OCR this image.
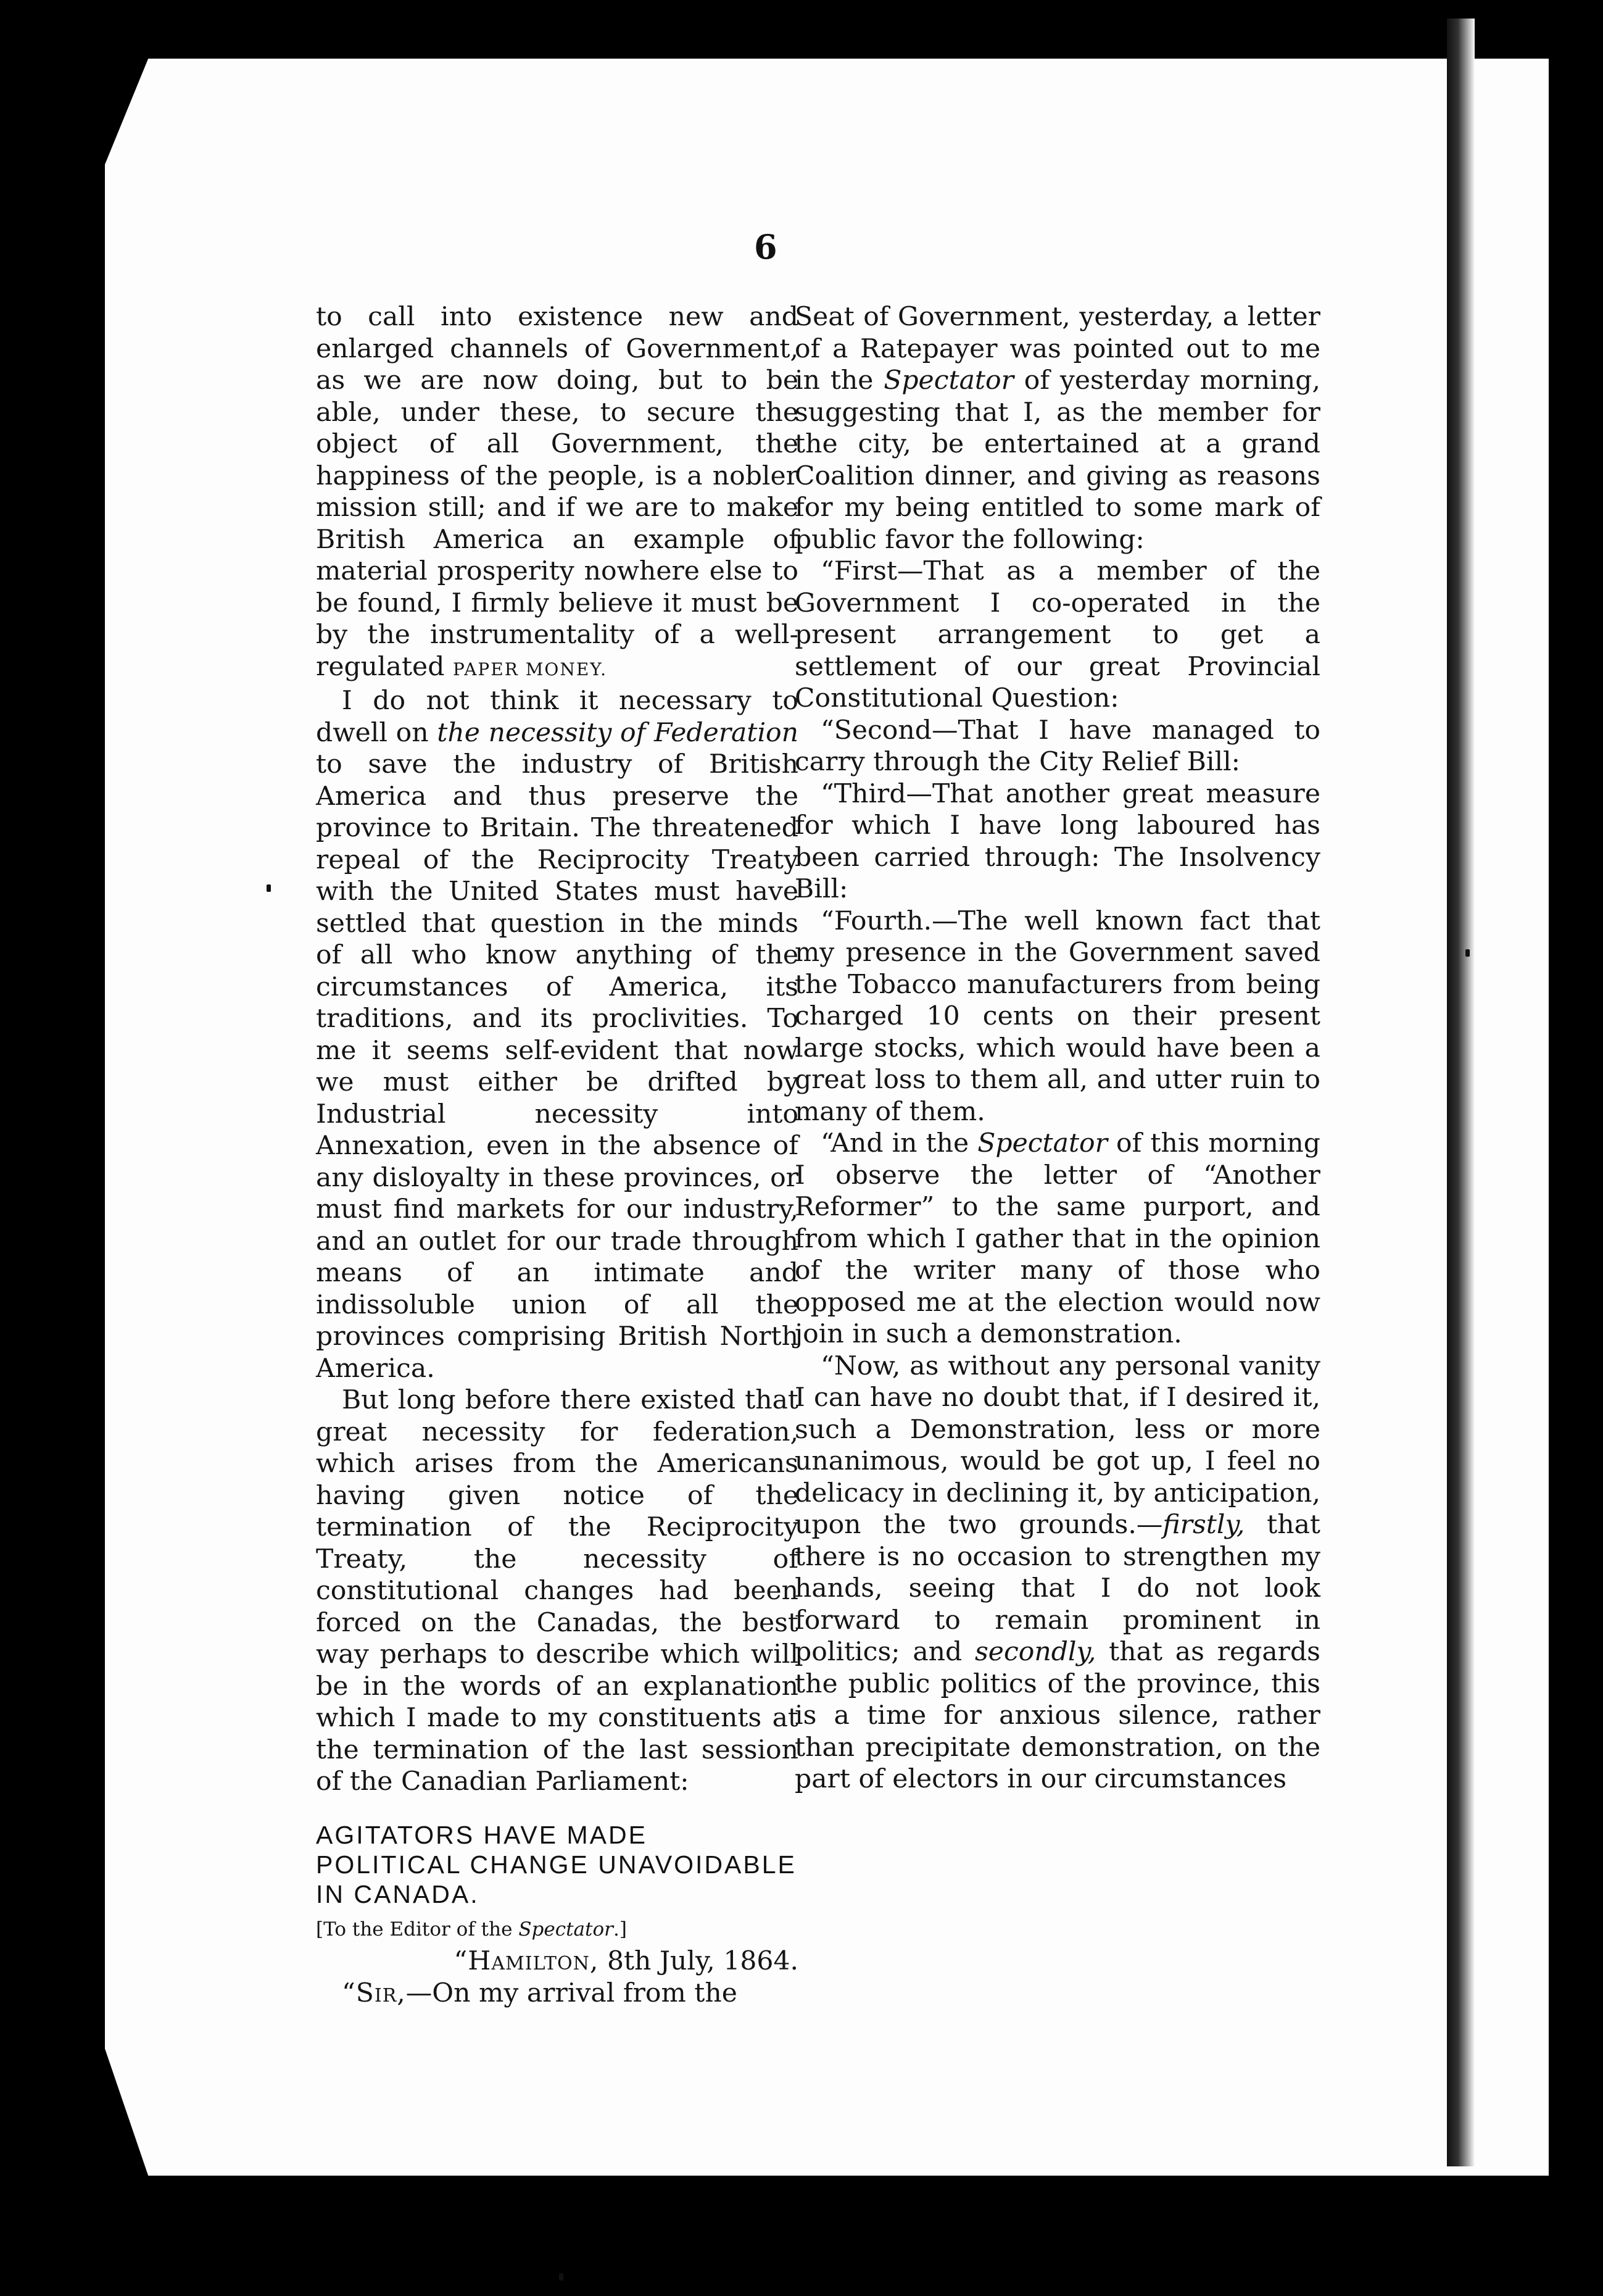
6

to call into existence new and enlarged channels of Government, as we are now doing, but to be able, under these, to secure the object of all Government, the happiness of the people, is a nobler mission still; and if we are to make British America an example of material prosperity nowhere else to be found, I firmly believe it must be by the instrumentality of a well-regulated PAPER MONEY.

I do not think it necessary to dwell on the necessity of Federation to save the industry of British America and thus preserve the province to Britain. The threatened repeal of the Reciprocity Treaty with the United States must have settled that question in the minds of all who know anything of the circumstances of America, its traditions, and its proclivities. To me it seems self-evident that now we must either be drifted by Industrial necessity into Annexation, even in the absence of any disloyalty in these provinces, or must find markets for our industry, and an outlet for our trade through means of an intimate and indissoluble union of all the provinces comprising British North America.

But long before there existed that great necessity for federation, which arises from the Americans having given notice of the termination of the Reciprocity Treaty, the necessity of constitutional changes had been forced on the Canadas, the best way perhaps to describe which will be in the words of an explanation which I made to my constituents at the termination of the last session of the Canadian Parliament:

AGITATORS HAVE MADE POLITICAL CHANGE UNAVOIDABLE IN CANADA.

[To the Editor of the Spectator.]

“Hamilton, 8th July, 1864.

“Sir,—On my arrival from the

Seat of Government, yesterday, a letter of a Ratepayer was pointed out to me in the Spectator of yesterday morning, suggesting that I, as the member for the city, be entertained at a grand Coalition dinner, and giving as reasons for my being entitled to some mark of public favor the following:

“First—That as a member of the Government I co-operated in the present arrangement to get a settlement of our great Provincial Constitutional Question:

“Second—That I have managed to carry through the City Relief Bill:

“Third—That another great measure for which I have long laboured has been carried through: The Insolvency Bill:

“Fourth.—The well known fact that my presence in the Government saved the Tobacco manufacturers from being charged 10 cents on their present large stocks, which would have been a great loss to them all, and utter ruin to many of them.

“And in the Spectator of this morning I observe the letter of “Another Reformer” to the same purport, and from which I gather that in the opinion of the writer many of those who opposed me at the election would now join in such a demonstration.

“Now, as without any personal vanity I can have no doubt that, if I desired it, such a Demonstration, less or more unanimous, would be got up, I feel no delicacy in declining it, by anticipation, upon the two grounds.—firstly, that there is no occasion to strengthen my hands, seeing that I do not look forward to remain prominent in politics; and secondly, that as regards the public politics of the province, this is a time for anxious silence, rather than precipitate demonstration, on the part of electors in our circumstances
